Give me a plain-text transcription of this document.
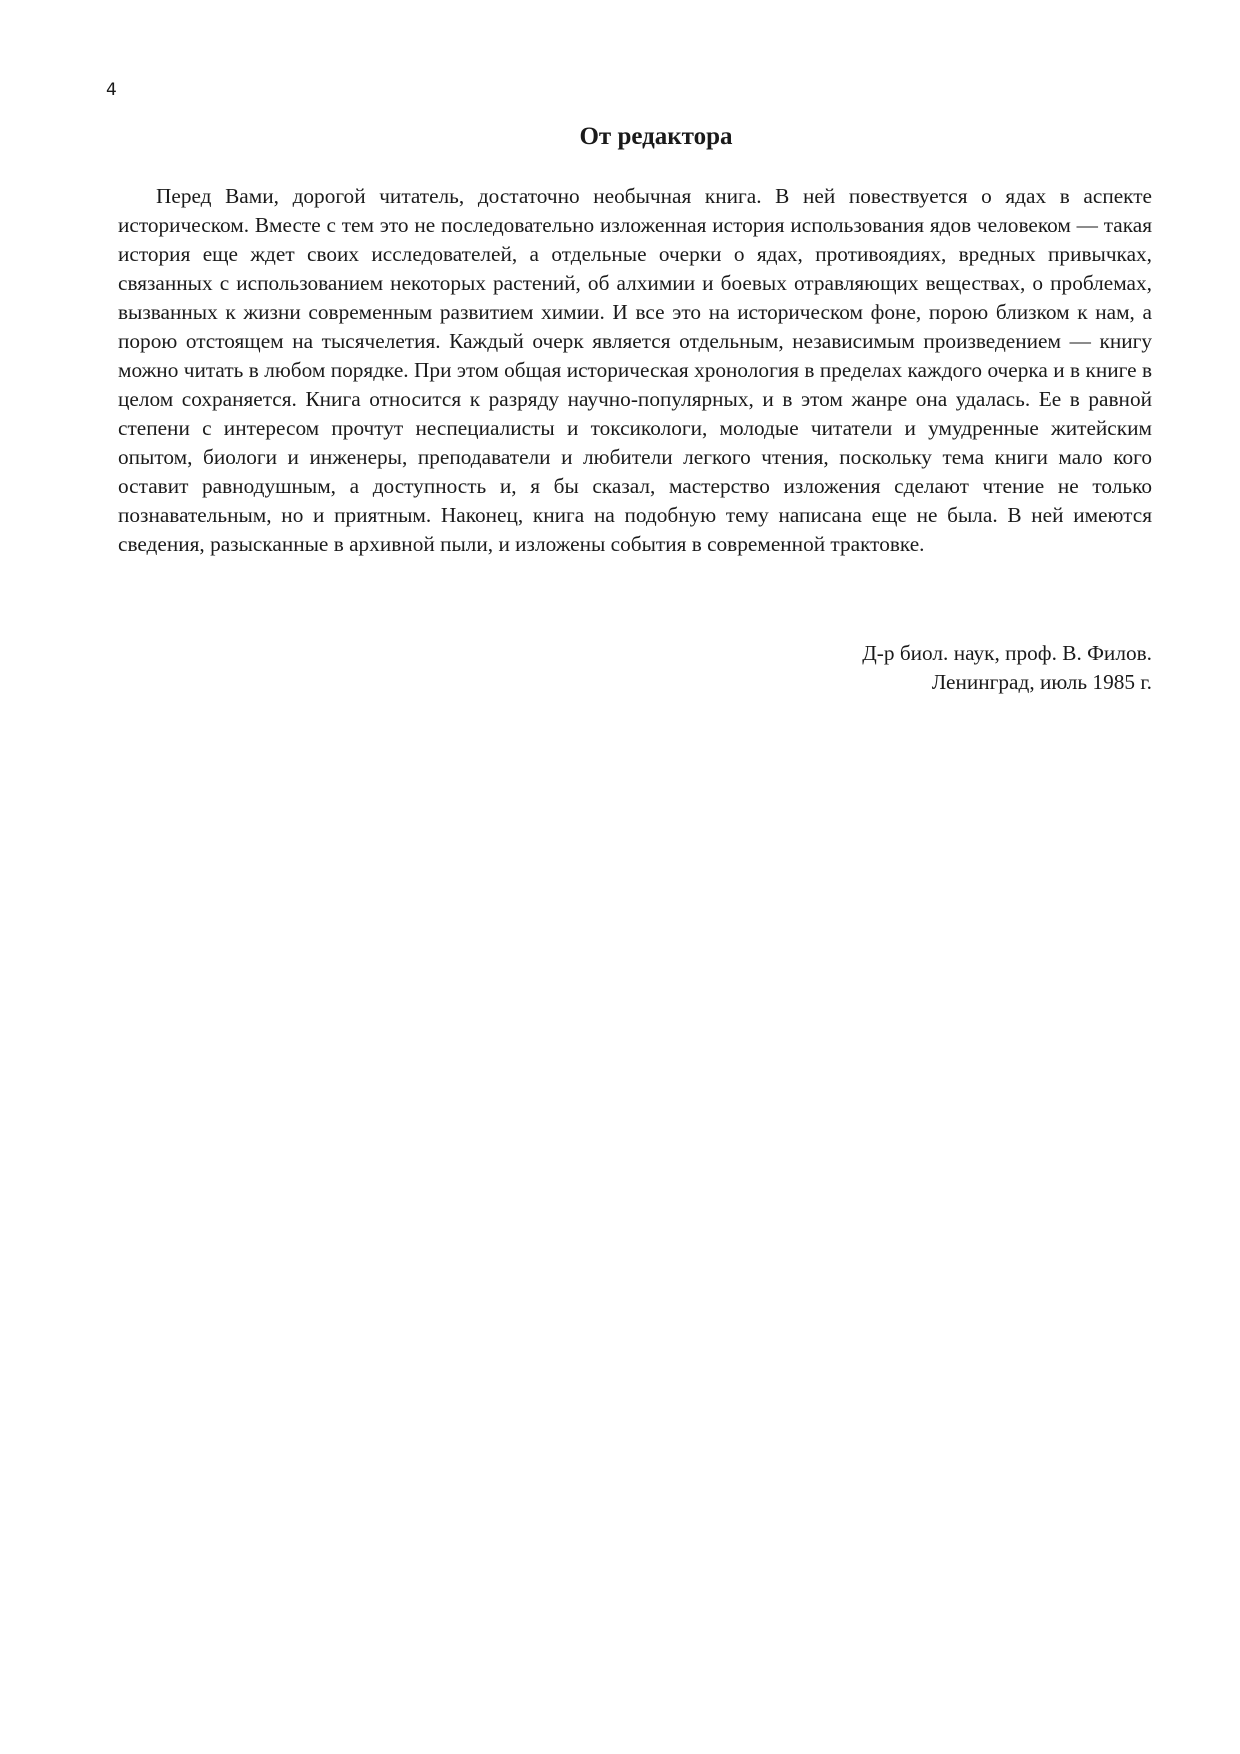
4
От редактора

Перед Вами, дорогой читатель, достаточно необычная книга. В ней повествуется о ядах в аспекте историческом. Вместе с тем это не последовательно изложенная история использования ядов человеком — такая история еще ждет своих исследователей, а отдельные очерки о ядах, противоядиях, вредных привычках, связанных с использованием некоторых растений, об алхимии и боевых отравляющих веществах, о проблемах, вызванных к жизни современным развитием химии. И все это на историческом фоне, порою близком к нам, а порою отстоящем на тысячелетия. Каждый очерк является отдельным, независимым произведением — книгу можно читать в любом порядке. При этом общая историческая хронология в пределах каждого очерка и в книге в целом сохраняется. Книга относится к разряду научно-популярных, и в этом жанре она удалась. Ее в равной степени с интересом прочтут неспециалисты и токсикологи, молодые читатели и умудренные житейским опытом, биологи и инженеры, преподаватели и любители легкого чтения, поскольку тема книги мало кого оставит равнодушным, а доступность и, я бы сказал, мастерство изложения сделают чтение не только познавательным, но и приятным. Наконец, книга на подобную тему написана еще не была. В ней имеются сведения, разысканные в архивной пыли, и изложены события в современной трактовке.

Д-р биол. наук, проф. В. Филов.
Ленинград, июль 1985 г.
